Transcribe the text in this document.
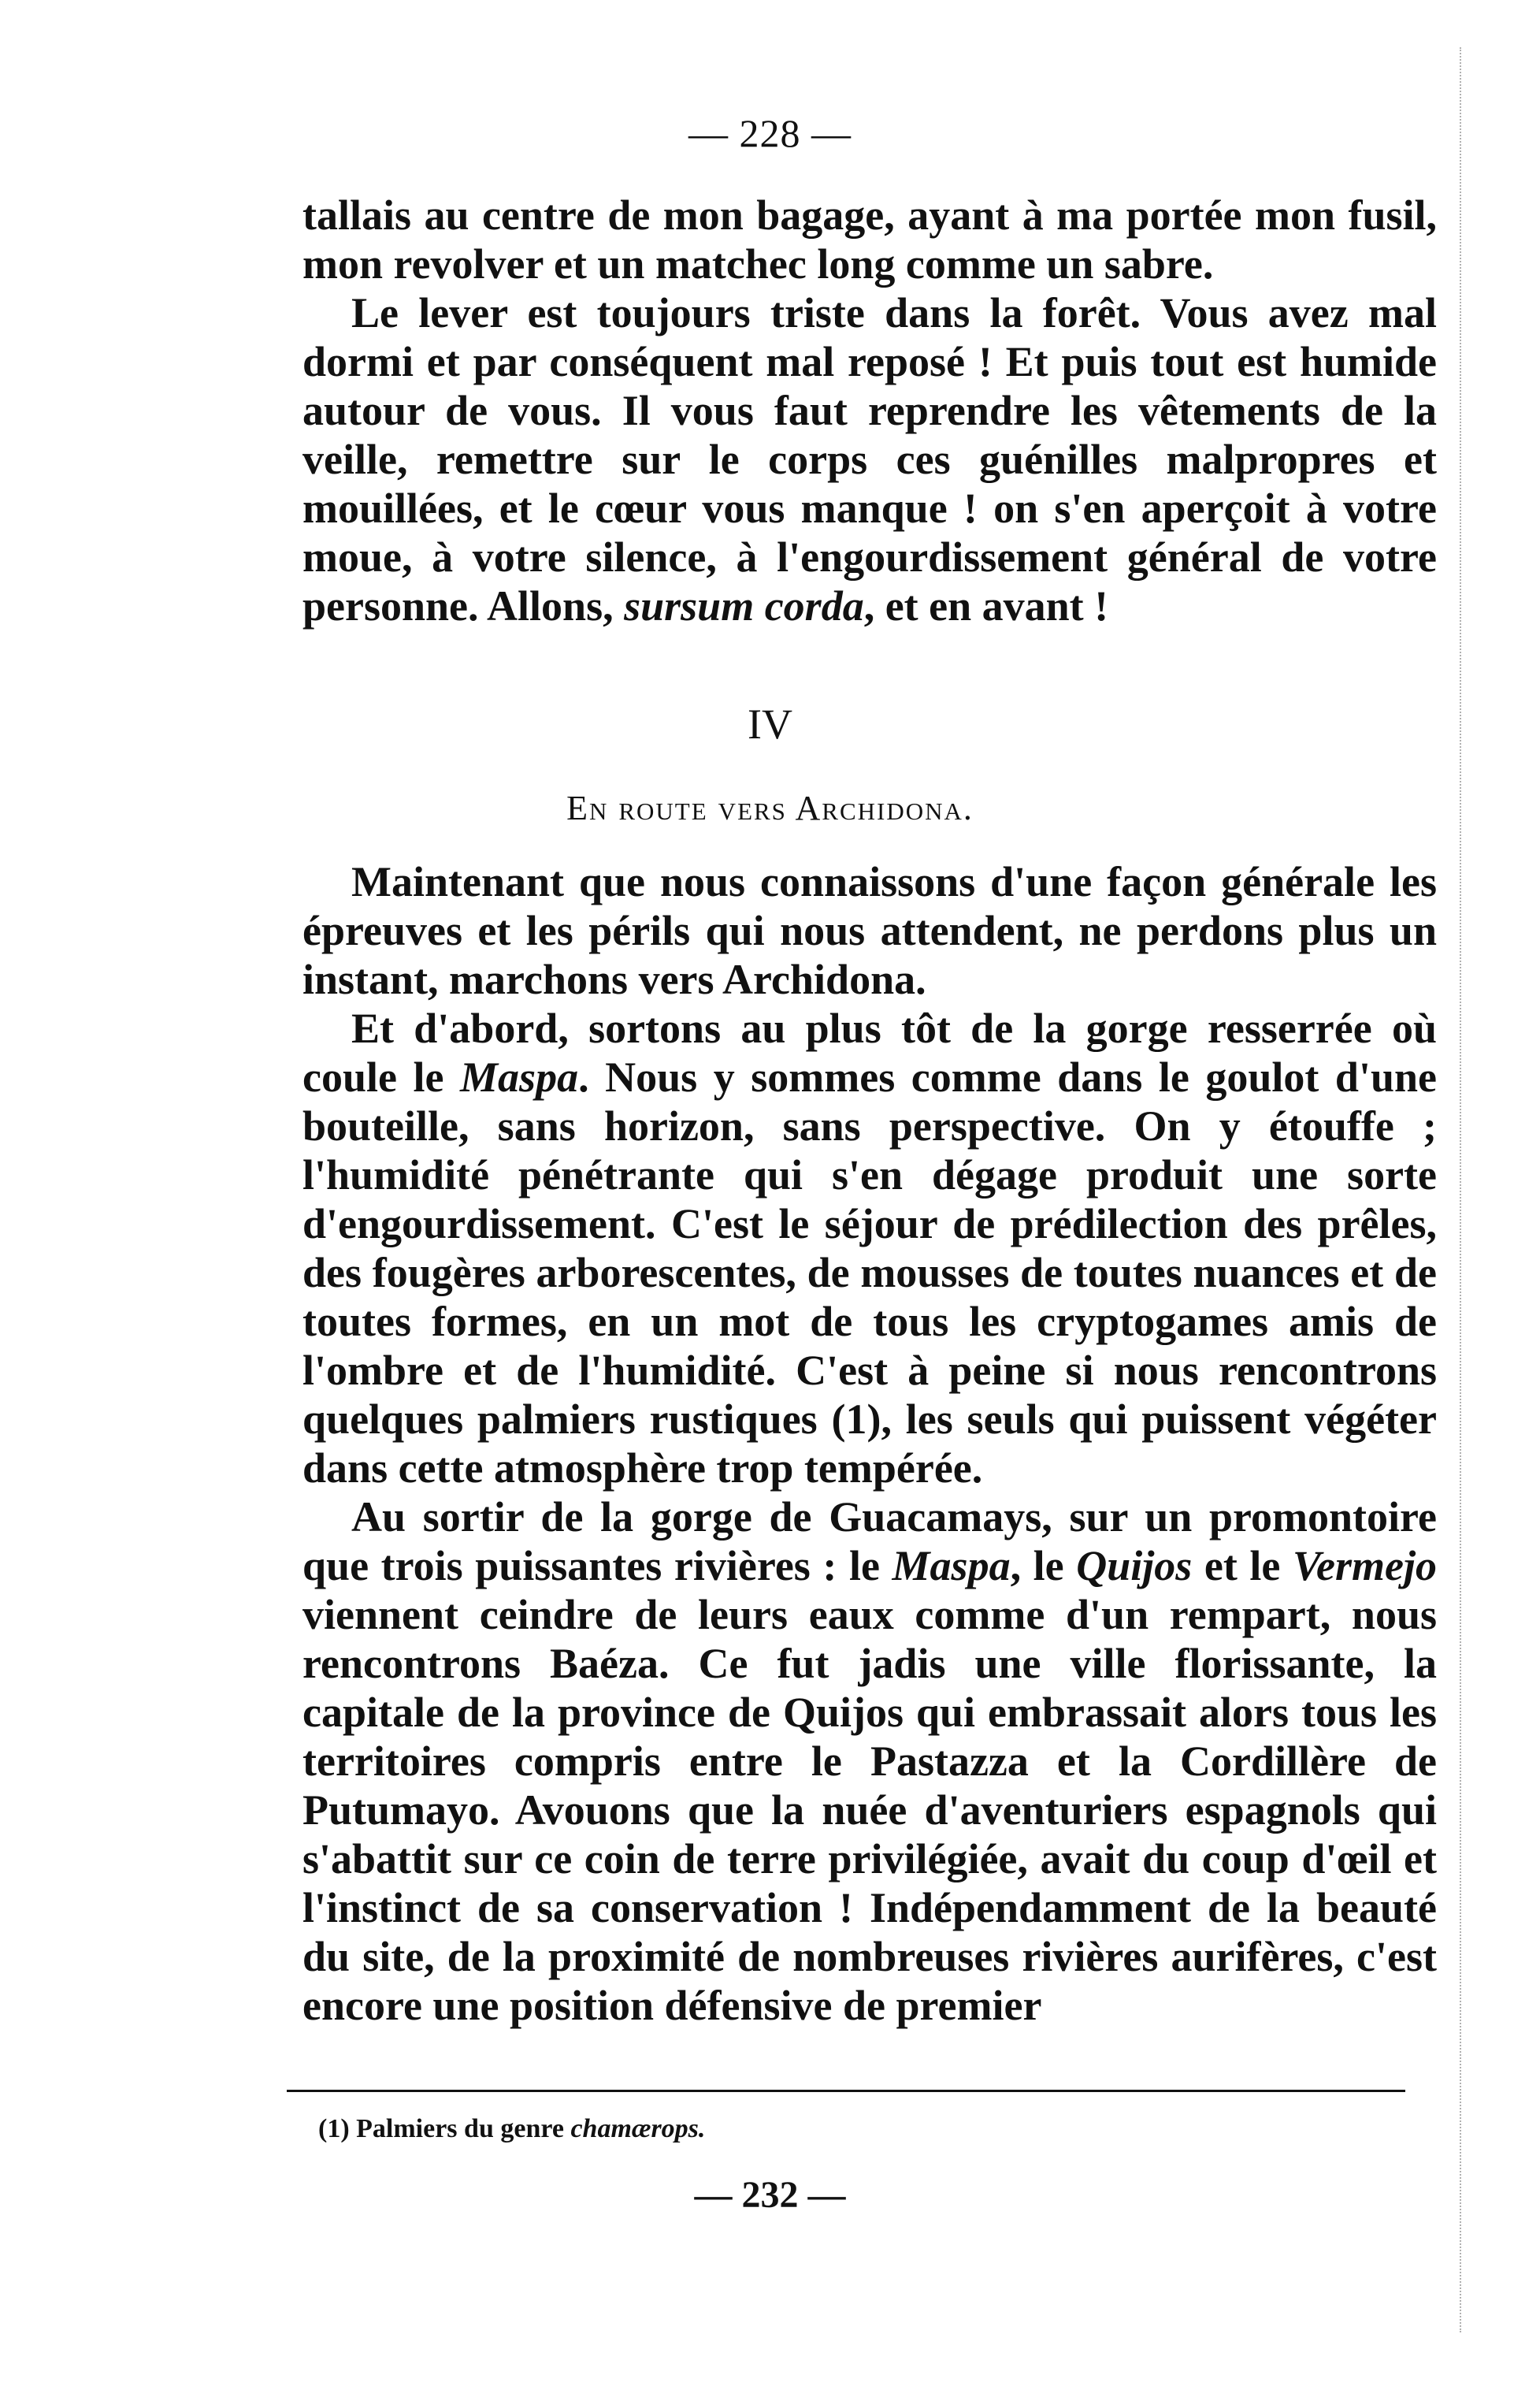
— 228 —

tallais au centre de mon bagage, ayant à ma portée mon fusil, mon revolver et un matchec long comme un sabre.

Le lever est toujours triste dans la forêt. Vous avez mal dormi et par conséquent mal reposé ! Et puis tout est humide autour de vous. Il vous faut reprendre les vêtements de la veille, remettre sur le corps ces guénilles malpropres et mouillées, et le cœur vous manque ! on s'en aperçoit à votre moue, à votre silence, à l'engourdissement général de votre personne. Allons, sursum corda, et en avant !

IV
En route vers Archidona.

Maintenant que nous connaissons d'une façon générale les épreuves et les périls qui nous attendent, ne perdons plus un instant, marchons vers Archidona.

Et d'abord, sortons au plus tôt de la gorge resserrée où coule le Maspa. Nous y sommes comme dans le goulot d'une bouteille, sans horizon, sans perspective. On y étouffe ; l'humidité pénétrante qui s'en dégage produit une sorte d'engourdissement. C'est le séjour de prédilection des prêles, des fougères arborescentes, de mousses de toutes nuances et de toutes formes, en un mot de tous les cryptogames amis de l'ombre et de l'humidité. C'est à peine si nous rencontrons quelques palmiers rustiques (1), les seuls qui puissent végéter dans cette atmosphère trop tempérée.

Au sortir de la gorge de Guacamays, sur un promontoire que trois puissantes rivières : le Maspa, le Quijos et le Vermejo viennent ceindre de leurs eaux comme d'un rempart, nous rencontrons Baéza. Ce fut jadis une ville florissante, la capitale de la province de Quijos qui embrassait alors tous les territoires compris entre le Pastazza et la Cordillère de Putumayo. Avouons que la nuée d'aventuriers espagnols qui s'abattit sur ce coin de terre privilégiée, avait du coup d'œil et l'instinct de sa conservation ! Indépendamment de la beauté du site, de la proximité de nombreuses rivières aurifères, c'est encore une position défensive de premier

(1) Palmiers du genre chamærops.
— 232 —
